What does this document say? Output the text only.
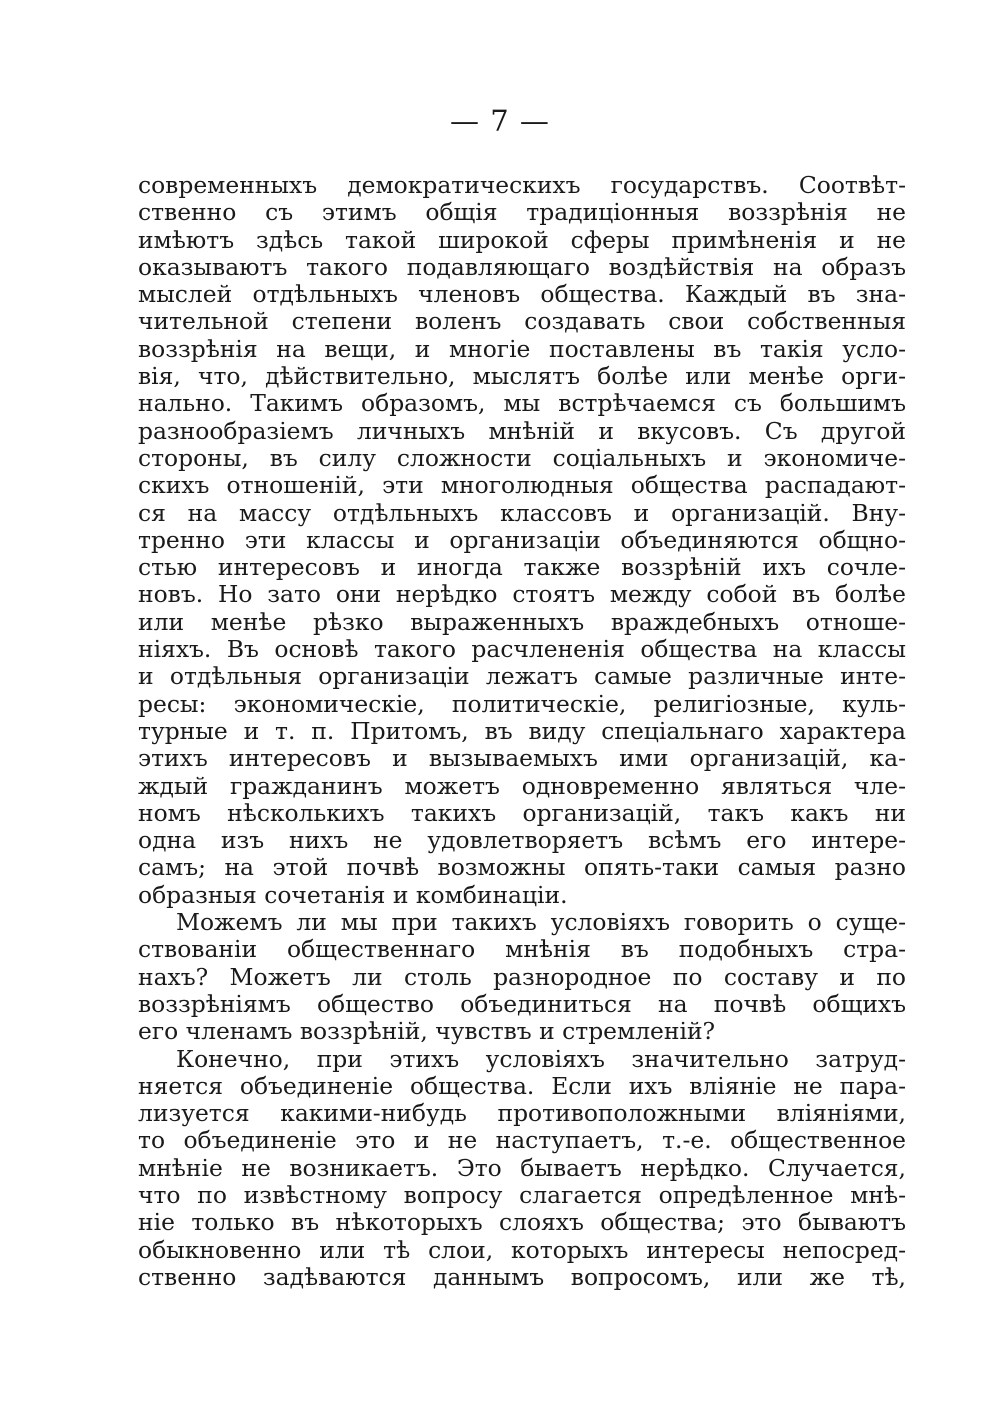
— 7 —
современныхъ демократическихъ государствъ. Соотвѣт-
ственно съ этимъ общія традиціонныя воззрѣнія не
имѣютъ здѣсь такой широкой сферы примѣненія и не
оказываютъ такого подавляющаго воздѣйствія на образъ
мыслей отдѣльныхъ членовъ общества. Каждый въ зна-
чительной степени воленъ создавать свои собственныя
воззрѣнія на вещи, и многіе поставлены въ такія усло-
вія, что, дѣйствительно, мыслятъ болѣе или менѣе орги-
нально. Такимъ образомъ, мы встрѣчаемся съ большимъ
разнообразіемъ личныхъ мнѣній и вкусовъ. Съ другой
стороны, въ силу сложности соціальныхъ и экономиче-
скихъ отношеній, эти многолюдныя общества распадают-
ся на массу отдѣльныхъ классовъ и организацій. Вну-
тренно эти классы и организаціи объединяются общно-
стью интересовъ и иногда также воззрѣній ихъ сочле-
новъ. Но зато они нерѣдко стоятъ между собой въ болѣе
или менѣе рѣзко выраженныхъ враждебныхъ отноше-
ніяхъ. Въ основѣ такого расчлененія общества на классы
и отдѣльныя организаціи лежатъ самые различные инте-
ресы: экономическіе, политическіе, религіозные, куль-
турные и т. п. Притомъ, въ виду спеціальнаго характера
этихъ интересовъ и вызываемыхъ ими организацій, ка-
ждый гражданинъ можетъ одновременно являться чле-
номъ нѣсколькихъ такихъ организацій, такъ какъ ни
одна изъ нихъ не удовлетворяетъ всѣмъ его интере-
самъ; на этой почвѣ возможны опять-таки самыя разно
образныя сочетанія и комбинаціи.
Можемъ ли мы при такихъ условіяхъ говорить о суще-
ствованіи общественнаго мнѣнія въ подобныхъ стра-
нахъ? Можетъ ли столь разнородное по составу и по
воззрѣніямъ общество объединиться на почвѣ общихъ
его членамъ воззрѣній, чувствъ и стремленій?
Конечно, при этихъ условіяхъ значительно затруд-
няется объединеніе общества. Если ихъ вліяніе не пара-
лизуется какими-нибудь противоположными вліяніями,
то объединеніе это и не наступаетъ, т.-е. общественное
мнѣніе не возникаетъ. Это бываетъ нерѣдко. Случается,
что по извѣстному вопросу слагается опредѣленное мнѣ-
ніе только въ нѣкоторыхъ слояхъ общества; это бываютъ
обыкновенно или тѣ слои, которыхъ интересы непосред-
ственно задѣваются даннымъ вопросомъ, или же тѣ,
